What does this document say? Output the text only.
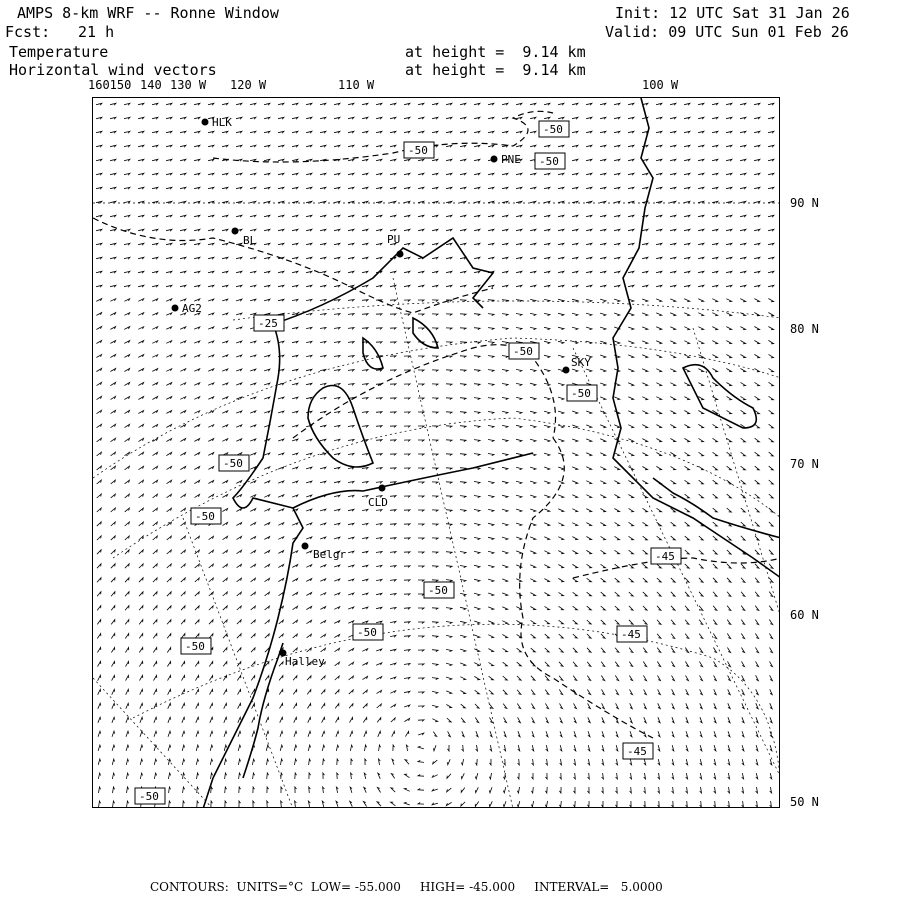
AMPS 8-km WRF -- Ronne Window
Fcst: 21 h
Init: 12 UTC Sat 31 Jan 26
Valid: 09 UTC Sun 01 Feb 26
Temperature	at height =  9.14 km
Horizontal wind vectors	at height =  9.14 km
160150 140 130 W 120 W	110 W	100 W
90 N
80 N
70 N
60 N
50 N
HLK
PNE
BL	PU
AG2
SKY
CLD
Belgr
Halley
-50
-50
-50
-25
-50
-50
-50
-50
-45
-50
-50	-45
-50
-45
-50
CONTOURS:  UNITS=°C  LOW= -55.000     HIGH= -45.000     INTERVAL=   5.0000
